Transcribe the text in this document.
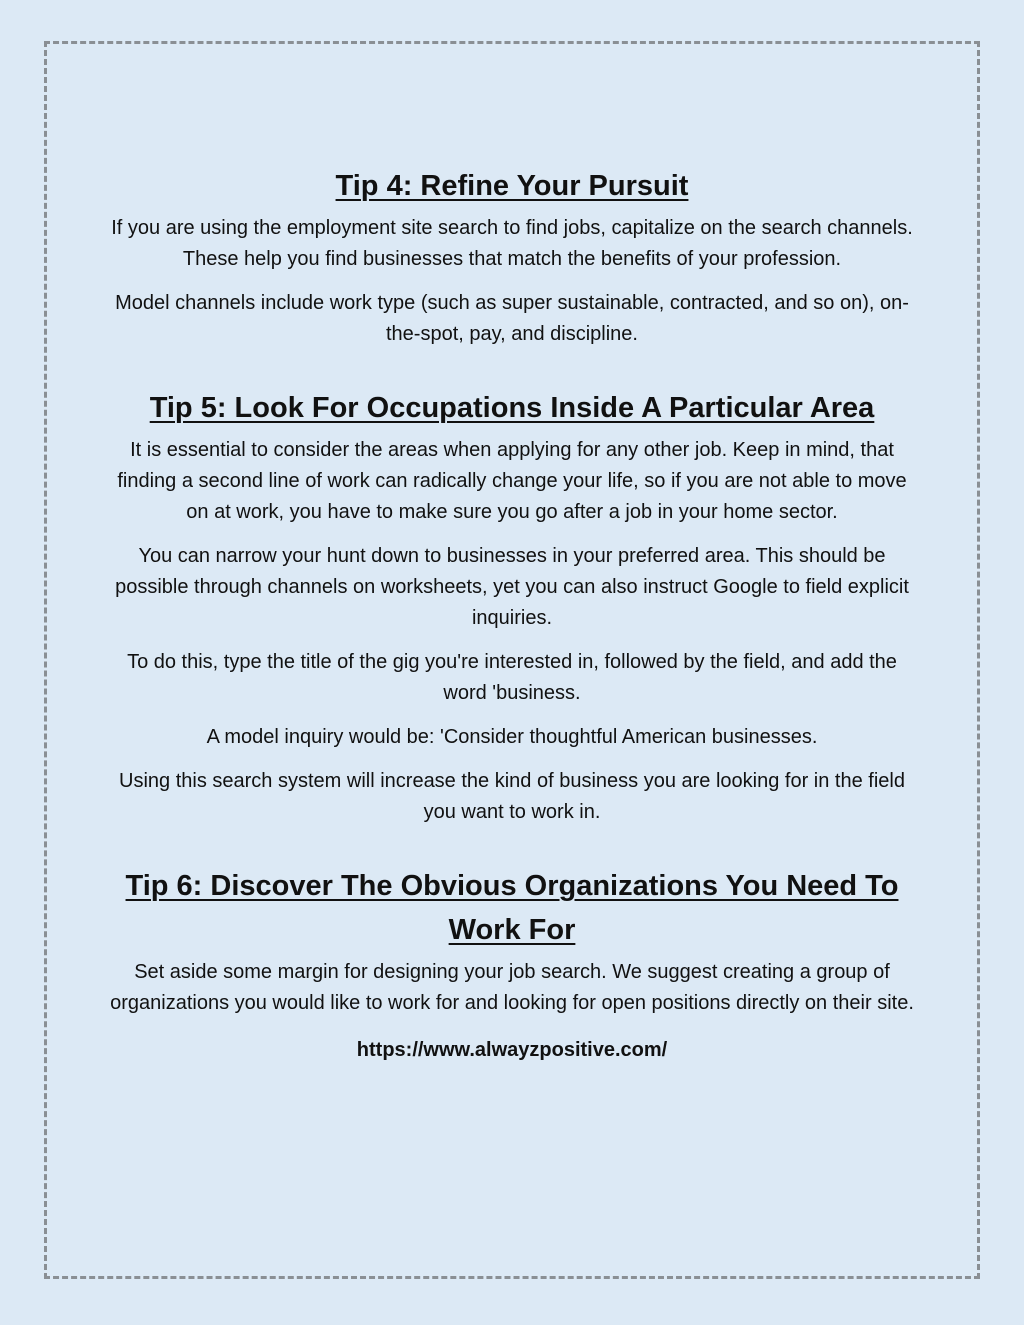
Tip 4: Refine Your Pursuit

If you are using the employment site search to find jobs, capitalize on the search channels. These help you find businesses that match the benefits of your profession.

Model channels include work type (such as super sustainable, contracted, and so on), on-the-spot, pay, and discipline.

Tip 5: Look For Occupations Inside A Particular Area

It is essential to consider the areas when applying for any other job. Keep in mind, that finding a second line of work can radically change your life, so if you are not able to move on at work, you have to make sure you go after a job in your home sector.

You can narrow your hunt down to businesses in your preferred area. This should be possible through channels on worksheets, yet you can also instruct Google to field explicit inquiries.

To do this, type the title of the gig you're interested in, followed by the field, and add the word 'business.

A model inquiry would be: 'Consider thoughtful American businesses.

Using this search system will increase the kind of business you are looking for in the field you want to work in.

Tip 6: Discover The Obvious Organizations You Need To Work For

Set aside some margin for designing your job search. We suggest creating a group of organizations you would like to work for and looking for open positions directly on their site.

https://www.alwayzpositive.com/
